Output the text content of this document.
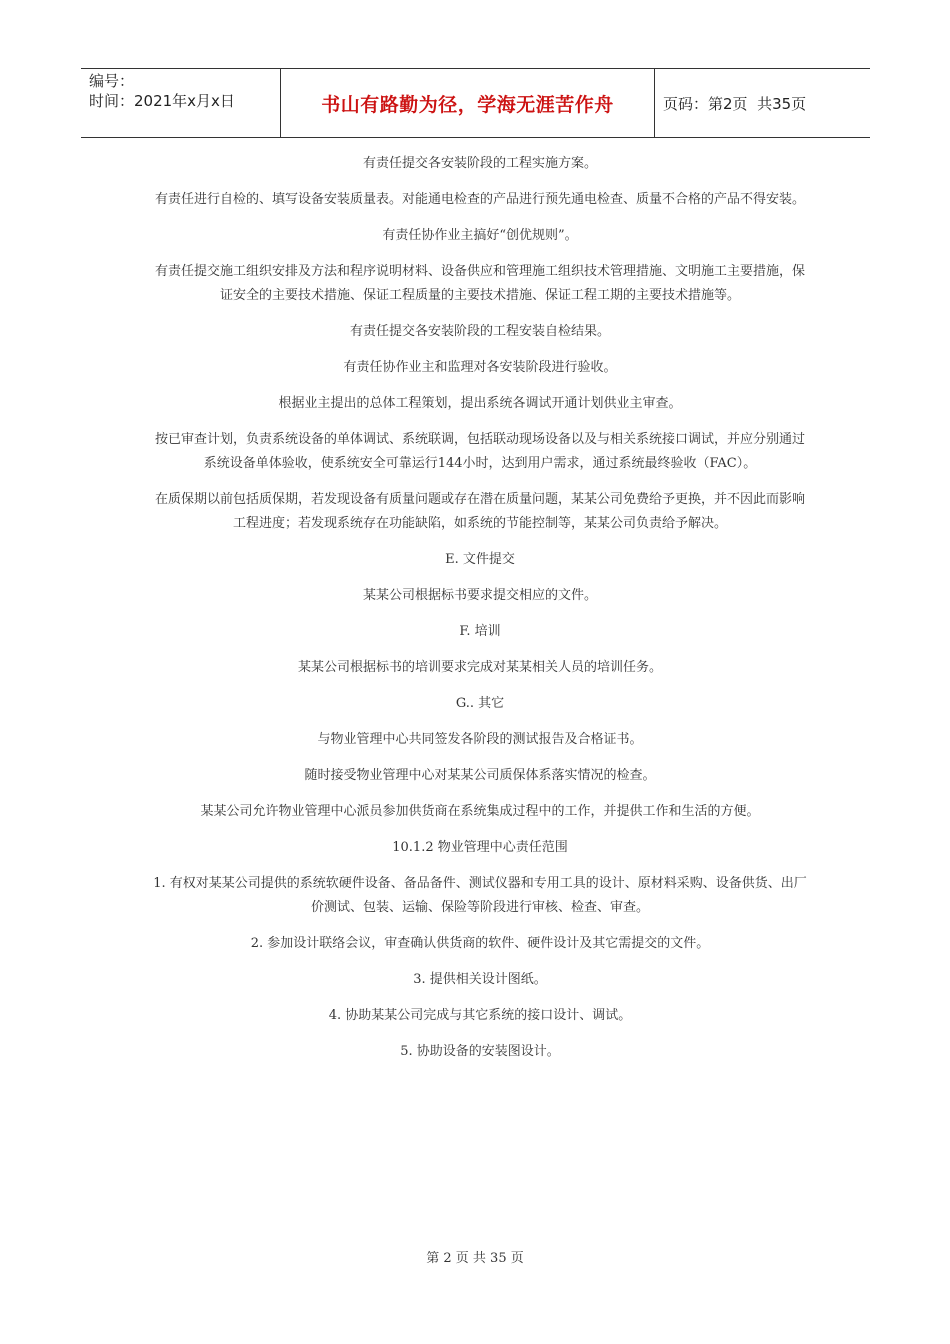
编号：
时间：2021年x月x日	书山有路勤为径，学海无涯苦作舟	页码：第2页  共35页

有责任提交各安装阶段的工程实施方案。

有责任进行自检的、填写设备安装质量表。对能通电检查的产品进行预先通电检查、质量不合格的产品不得安装。

有责任协作业主搞好“创优规则”。

有责任提交施工组织安排及方法和程序说明材料、设备供应和管理施工组织技术管理措施、文明施工主要措施，保证安全的主要技术措施、保证工程质量的主要技术措施、保证工程工期的主要技术措施等。

有责任提交各安装阶段的工程安装自检结果。

有责任协作业主和监理对各安装阶段进行验收。

根据业主提出的总体工程策划，提出系统各调试开通计划供业主审查。

按已审查计划，负责系统设备的单体调试、系统联调，包括联动现场设备以及与相关系统接口调试，并应分别通过系统设备单体验收，使系统安全可靠运行144小时，达到用户需求，通过系统最终验收（FAC）。

在质保期以前包括质保期，若发现设备有质量问题或存在潜在质量问题，某某公司免费给予更换，并不因此而影响工程进度；若发现系统存在功能缺陷，如系统的节能控制等，某某公司负责给予解决。

E. 文件提交

某某公司根据标书要求提交相应的文件。

F. 培训

某某公司根据标书的培训要求完成对某某相关人员的培训任务。

G.. 其它

与物业管理中心共同签发各阶段的测试报告及合格证书。

随时接受物业管理中心对某某公司质保体系落实情况的检查。

某某公司允许物业管理中心派员参加供货商在系统集成过程中的工作，并提供工作和生活的方便。

10.1.2 物业管理中心责任范围

1. 有权对某某公司提供的系统软硬件设备、备品备件、测试仪器和专用工具的设计、原材料采购、设备供货、出厂价测试、包装、运输、保险等阶段进行审核、检查、审查。

2. 参加设计联络会议，审查确认供货商的软件、硬件设计及其它需提交的文件。

3. 提供相关设计图纸。

4. 协助某某公司完成与其它系统的接口设计、调试。

5. 协助设备的安装图设计。

第 2 页 共 35 页
